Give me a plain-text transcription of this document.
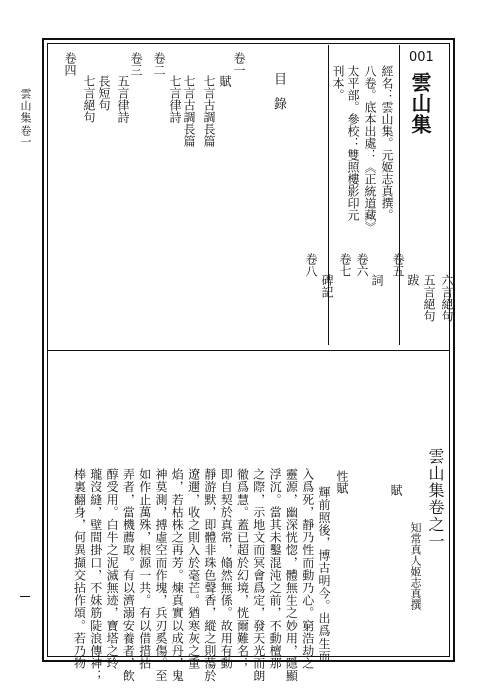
雲山集
卷一
001
雲山集
經名：雲山集。元姬志真撰。
八卷。底本出處：《正統道藏》
太平部。參校：雙照樓影印元
刊本。
目錄
卷一
賦
七言古調長篇
七言古調長篇
卷二
七言律詩
卷三
五言律詩
卷四
長短句
七言絕句
卷五
六言絕句
五言絕句
跋
卷六
詞
卷七
碑記
卷八
雲山集卷之一
知常真人姬志真撰
賦
性賦
輝前照後，博古明今。出爲生而
入爲死，靜乃性而動乃心。窮浩劫之
靈源，幽深恍惚，體無生之妙用，隱顯
浮沉。當其未鑿混沌之前，不動檀那
之際，示地文而冥會爲定，發天光而朗
徹爲慧。蓋已超於幻境，恍爾難名；
即自契於真常，翛然無係。故用有動
靜游默，即體非珠色聲香，縱之則蕩於
遼邇，收之則入於毫芒。猶寒灰之重
焰，若枯株之再芳。煉真實以成丹，鬼
神莫測，搏虛空而作塊，兵刃奚傷。至
如作止萬殊，根源一共。有以借措拈
弄者，當機薦取。有以濟溺安養者，飲
醇受用。白牛之泥滅無迹，寶塔之玲
瓏沒縫，壁間掛口，不妹筋陡浪傳神；
棒裏翻身，何異擷交拈作頌。若乃物
